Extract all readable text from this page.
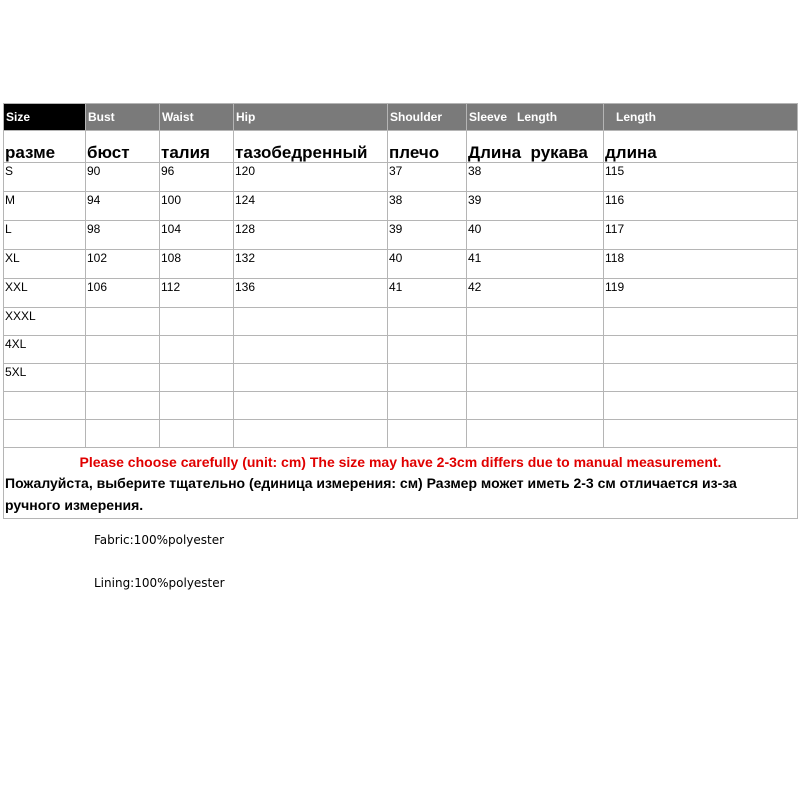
Size	Bust	Waist	Hip	Shoulder	Sleeve   Length	Length
разме	бюст	талия	тазобедренный	плечо	Длина  рукава	длина
S	90	96	120	37	38	115
M	94	100	124	38	39	116
L	98	104	128	39	40	117
XL	102	108	132	40	41	118
XXL	106	112	136	41	42	119
XXXL						
4XL						
5XL						

Please choose carefully (unit: cm) The size may have 2-3cm differs due to manual measurement.
Пожалуйста, выберите тщательно (единица измерения: см) Размер может иметь 2-3 см отличается из-за ручного измерения.						
Fabric:100%polyester
Lining:100%polyester
